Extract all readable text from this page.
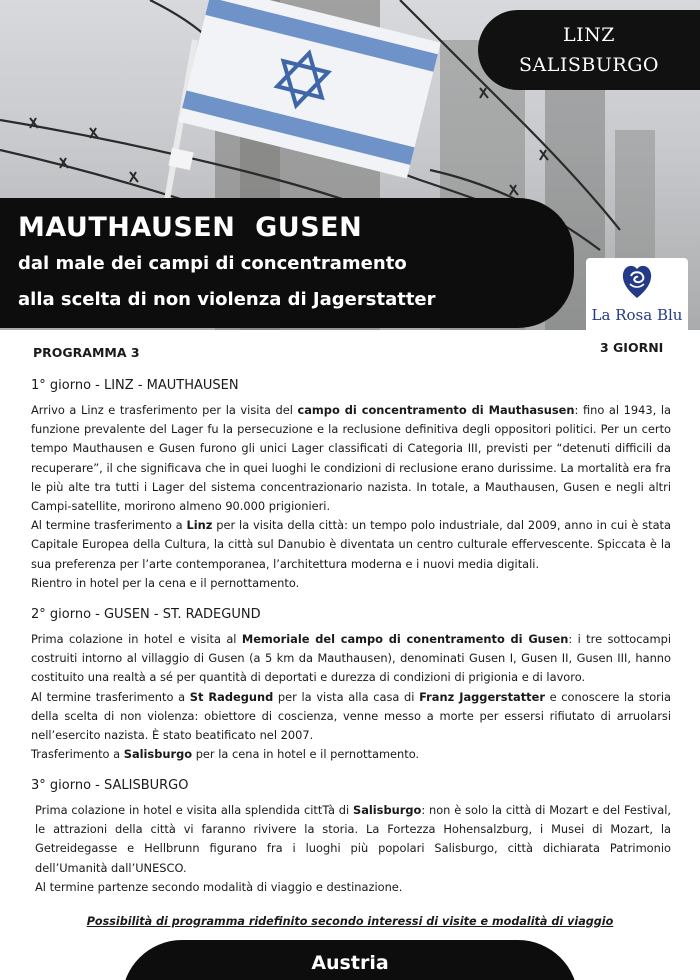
LINZ
SALISBURGO
MAUTHAUSEN  GUSEN
dal male dei campi di concentramento
alla scelta di non violenza di Jagerstatter
La Rosa Blu
PROGRAMMA 3	3 GIORNI
1° giorno - LINZ - MAUTHAUSEN

Arrivo a Linz e trasferimento per la visita del campo di concentramento di Mauthasusen: fino al 1943, la funzione prevalente del Lager fu la persecuzione e la reclusione definitiva degli oppositori politici. Per un certo tempo Mauthausen e Gusen furono gli unici Lager classificati di Categoria III, previsti per “detenuti difficili da recuperare”, il che significava che in quei luoghi le condizioni di reclusione erano durissime. La mortalità era fra le più alte tra tutti i Lager del sistema concentrazionario nazista. In totale, a Mauthausen, Gusen e negli altri Campi-satellite, morirono almeno 90.000 prigionieri.

Al termine trasferimento a Linz per la visita della città: un tempo polo industriale, dal 2009, anno in cui è stata Capitale Europea della Cultura, la città sul Danubio è diventata un centro culturale effervescente. Spiccata è la sua preferenza per l’arte contemporanea, l’architettura moderna e i nuovi media digitali.

Rientro in hotel per la cena e il pernottamento.

2° giorno - GUSEN - ST. RADEGUND

Prima colazione in hotel e visita al Memoriale del campo di conentramento di Gusen: i tre sottocampi costruiti intorno al villaggio di Gusen (a 5 km da Mauthausen), denominati Gusen I, Gusen II, Gusen III, hanno costituito una realtà a sé per quantità di deportati e durezza di condizioni di prigionia e di lavoro.

Al termine trasferimento a St Radegund per la vista alla casa di Franz Jaggerstatter e conoscere la storia della scelta di non violenza: obiettore di coscienza, venne messo a morte per essersi rifiutato di arruolarsi nell’esercito nazista. È stato beatificato nel 2007.

Trasferimento a Salisburgo per la cena in hotel e il pernottamento.

3° giorno - SALISBURGO

Prima colazione in hotel e visita alla splendida cittTà di Salisburgo: non è solo la città di Mozart e del Festival, le attrazioni della città vi faranno rivivere la storia. La Fortezza Hohensalzburg, i Musei di Mozart, la Getreidegasse e Hellbrunn figurano fra i luoghi più popolari Salisburgo, città dichiarata Patrimonio dell’Umanità dall’UNESCO.

Al termine partenze secondo modalità di viaggio e destinazione.

Possibilità di programma ridefinito secondo interessi di visite e modalità di viaggio
Austria
